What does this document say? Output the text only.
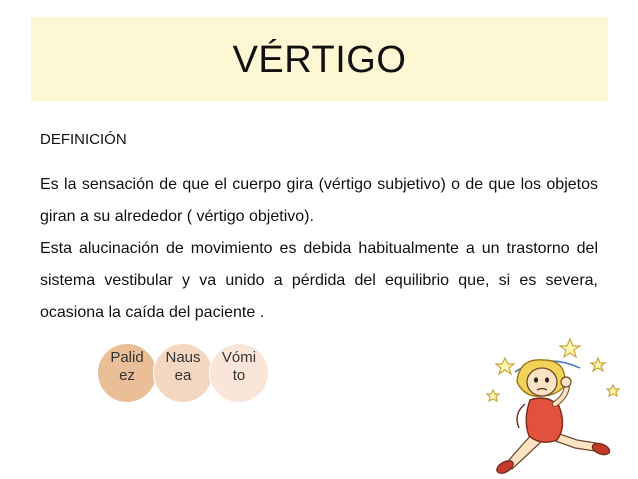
VÉRTIGO
DEFINICIÓN

Es la sensación de que el cuerpo gira (vértigo subjetivo) o de que los objetos giran a su alrededor ( vértigo objetivo).

Esta alucinación de movimiento es debida habitualmente a un trastorno del sistema vestibular y va unido a pérdida del equilibrio que, si es severa, ocasiona la caída del paciente .

Palid
ez
Naus
ea
Vómi
to
